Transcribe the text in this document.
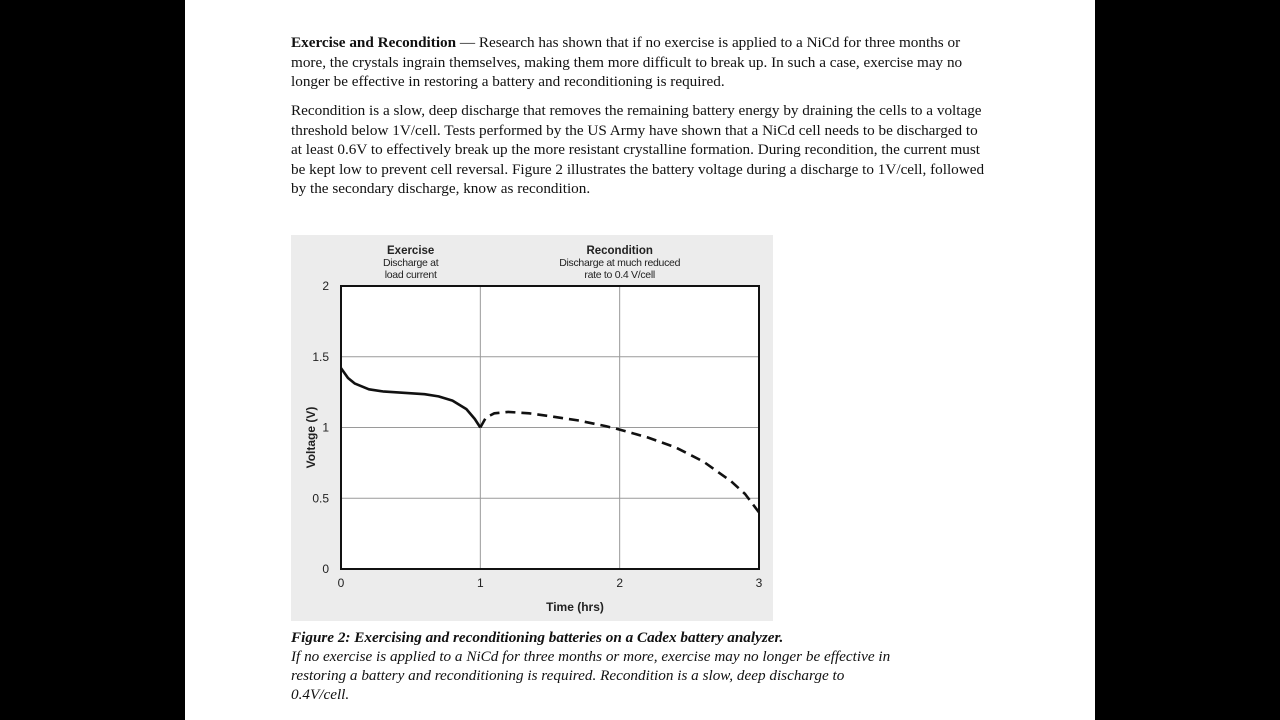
Exercise and Recondition — Research has shown that if no exercise is applied to a NiCd for three months or more, the crystals ingrain themselves, making them more difficult to break up. In such a case, exercise may no longer be effective in restoring a battery and reconditioning is required.

Recondition is a slow, deep discharge that removes the remaining battery energy by draining the cells to a voltage threshold below 1V/cell. Tests performed by the US Army have shown that a NiCd cell needs to be discharged to at least 0.6V to effectively break up the more resistant crystalline formation. During recondition, the current must be kept low to prevent cell reversal. Figure 2 illustrates the battery voltage during a discharge to 1V/cell, followed by the secondary discharge, know as recondition.

0	1	2	3
0
0.5
1
1.5
2
Time (hrs)
Voltage (V)
Exercise
Discharge at
load current
Recondition
Discharge at much reduced
rate to 0.4 V/cell

Figure 2: Exercising and reconditioning batteries on a Cadex battery analyzer.

If no exercise is applied to a NiCd for three months or more, exercise may no longer be effective in restoring a battery and reconditioning is required. Recondition is a slow, deep discharge to 0.4V/cell.
